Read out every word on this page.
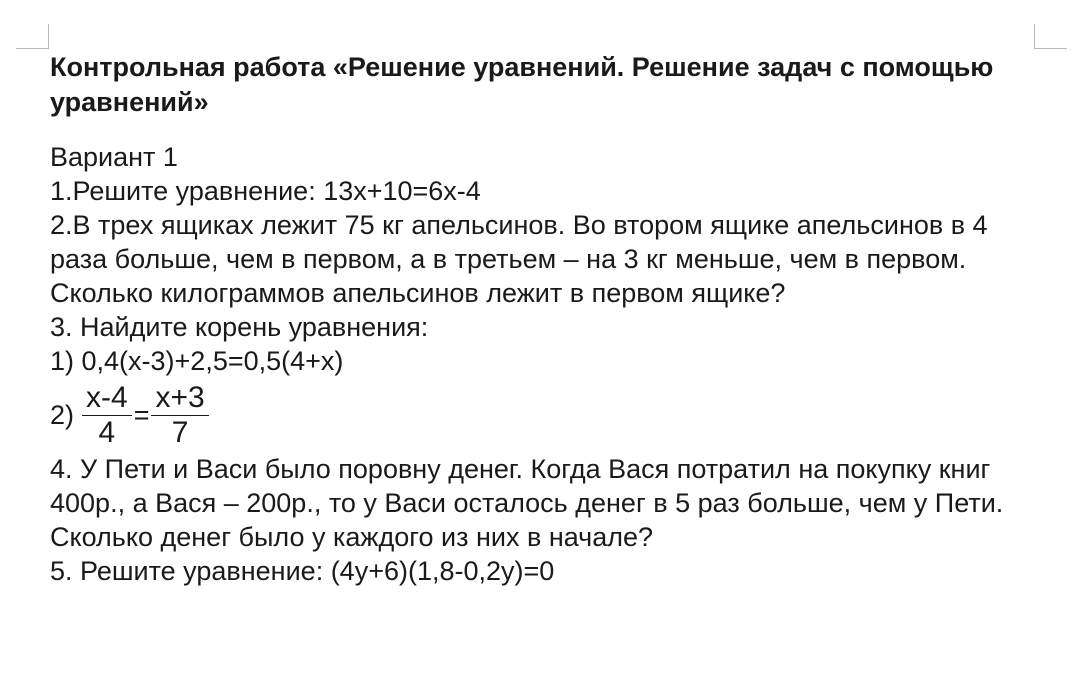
Контрольная работа «Решение уравнений. Решение задач с помощью уравнений»
Вариант 1
1.Решите уравнение: 13x+10=6x-4
2.В трех ящиках лежит 75 кг апельсинов. Во втором ящике апельсинов в 4 раза больше, чем в первом, а в третьем – на 3 кг меньше, чем в первом. Сколько килограммов апельсинов лежит в первом ящике?
3. Найдите корень уравнения:
1) 0,4(x-3)+2,5=0,5(4+x)
$2) \frac{x-4}{4} = \frac{x+3}{7}$
4. У Пети и Васи было поровну денег. Когда Вася потратил на покупку книг 400р., а Вася – 200р., то у Васи осталось денег в 5 раз больше, чем у Пети. Сколько денег было у каждого из них в начале?
5. Решите уравнение: (4y+6)(1,8-0,2y)=0
